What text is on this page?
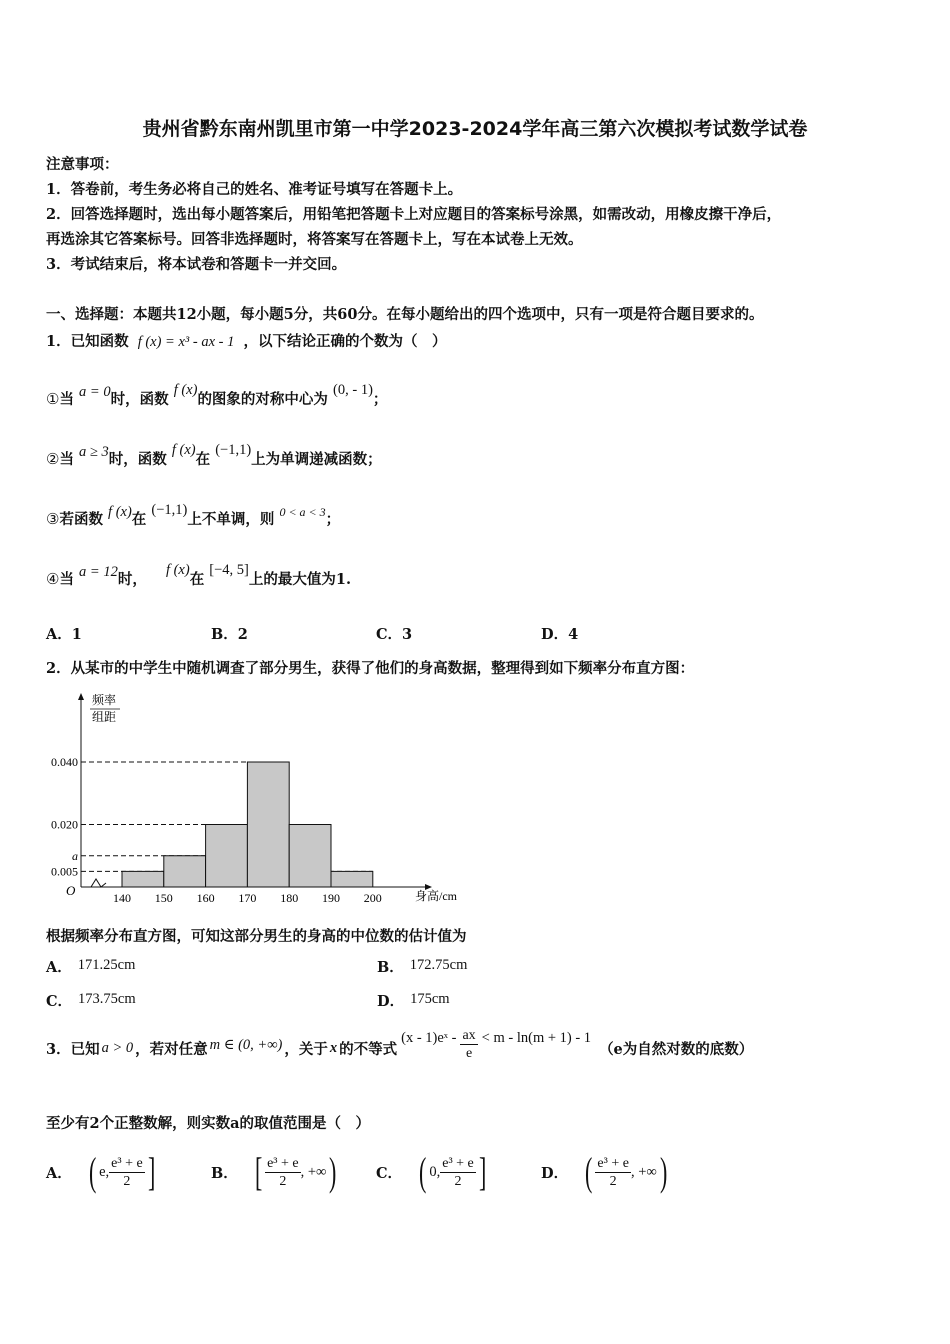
贵州省黔东南州凯里市第一中学2023-2024学年高三第六次模拟考试数学试卷
注意事项：
1．答卷前，考生务必将自己的姓名、准考证号填写在答题卡上。
2．回答选择题时，选出每小题答案后，用铅笔把答题卡上对应题目的答案标号涂黑，如需改动，用橡皮擦干净后，
再选涂其它答案标号。回答非选择题时，将答案写在答题卡上，写在本试卷上无效。
3．考试结束后，将本试卷和答题卡一并交回。
一、选择题：本题共12小题，每小题5分，共60分。在每小题给出的四个选项中，只有一项是符合题目要求的。
1．已知函数 f (x) = x³ - ax - 1 ，以下结论正确的个数为（　）
①当 a = 0时，函数 f (x)的图象的对称中心为 (0, - 1)；
②当 a ≥ 3时，函数 f (x)在 (−1,1)上为单调递减函数；
③若函数 f (x)在 (−1,1)上不单调，则 $^{0 < a < 3}$；
④当 a = 12时， f (x)在 [−4, 5]上的最大值为1.
A．1	B．2	C．3	D．4
2．从某市的中学生中随机调查了部分男生，获得了他们的身高数据，整理得到如下频率分布直方图：
频率
组距
O	身高/cm
0.040
0.020
a
0.005
140 150 160 170 180 190 200
根据频率分布直方图，可知这部分男生的身高的中位数的估计值为
A． 171.25cm	B． 172.75cm
C． 173.75cm	D． 175cm
3．已知 a > 0 ，若对任意 m ∈ (0, +∞) ，关于 x 的不等式
(x - 1)eˣ - $\frac{ax}{e} < m - \ln(m + 1) - 1$
（e为自然对数的底数）
至少有2个正整数解，则实数a的取值范围是（　）
A． ( e, $\frac{\text{e³ + e}}{2}$ ]	B． [ $\frac{\text{e³ + e}}{2}$ , +∞ )	C． ( 0, $\frac{\text{e³ + e}}{2}$ ]	D． ( $\frac{\text{e³ + e}}{2}$ , +∞ )
